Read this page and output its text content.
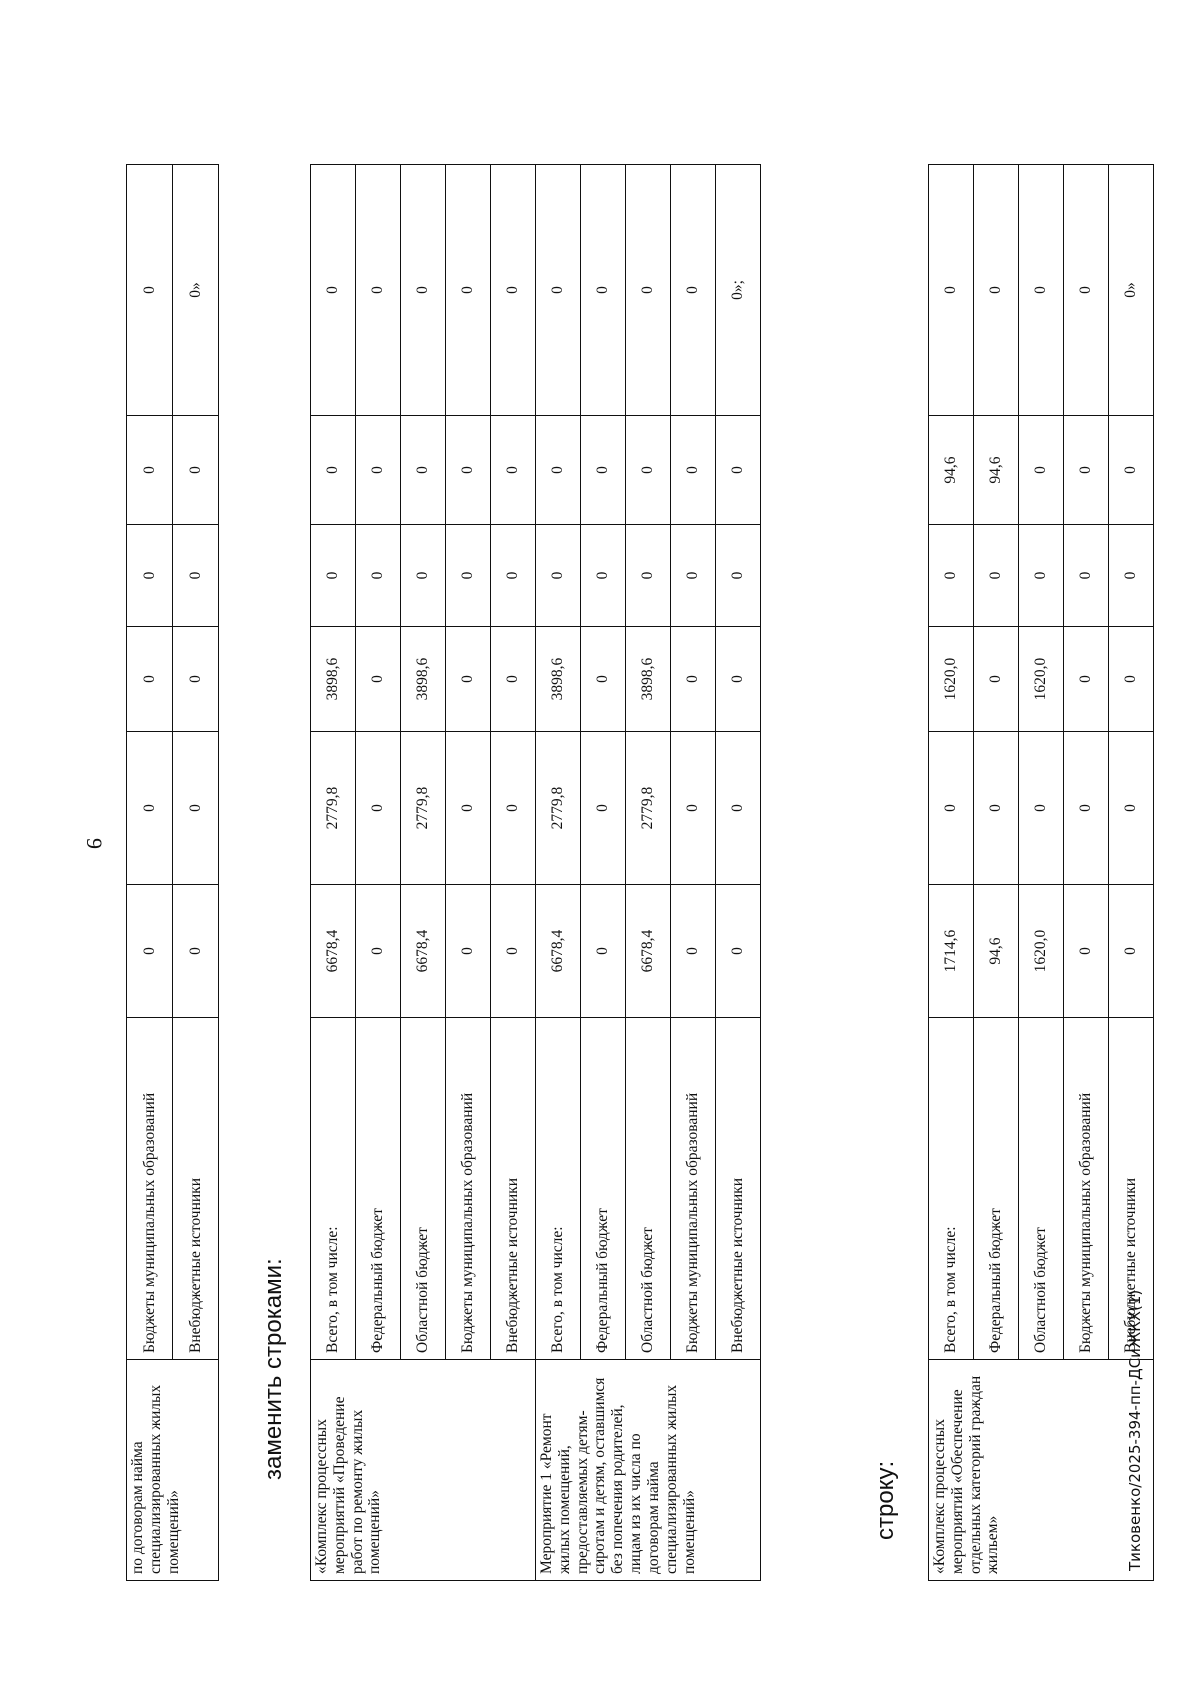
9
по договорам найма специализированных жилых помещений»	Бюджеты муниципальных образований	0	0	0	0	0	0
	Внебюджетные источники	0	0	0	0	0	0»
заменить строками:
«Комплекс процессных мероприятий «Проведение работ по ремонту жилых помещений»	Всего, в том числе:	6678,4	2779,8	3898,6	0	0	0
	Федеральный бюджет	0	0	0	0	0	0
	Областной бюджет	6678,4	2779,8	3898,6	0	0	0
	Бюджеты муниципальных образований	0	0	0	0	0	0
	Внебюджетные источники	0	0	0	0	0	0
Мероприятие 1 «Ремонт жилых помещений, предоставляемых детям-сиротам и детям, оставшимся без попечения родителей, лицам из их числа по договорам найма специализированных жилых помещений»	Всего, в том числе:	6678,4	2779,8	3898,6	0	0	0
	Федеральный бюджет	0	0	0	0	0	0
	Областной бюджет	6678,4	2779,8	3898,6	0	0	0
	Бюджеты муниципальных образований	0	0	0	0	0	0
	Внебюджетные источники	0	0	0	0	0	0»;
строку: «Комплекс процессных мероприятий «Обеспечение отдельных категорий граждан жильем»	Всего, в том числе:	1714,6	0	1620,0	0	94,6	0
	Федеральный бюджет	94,6	0	0	0	94,6	0
	Областной бюджет	1620,0	0	1620,0	0	0	0
	Бюджеты муниципальных образований	0	0	0	0	0	0
	Внебюджетные источники	0	0	0	0	0	0»
Тиковенко/2025-394-пп-ДСиЖКХ(1)
